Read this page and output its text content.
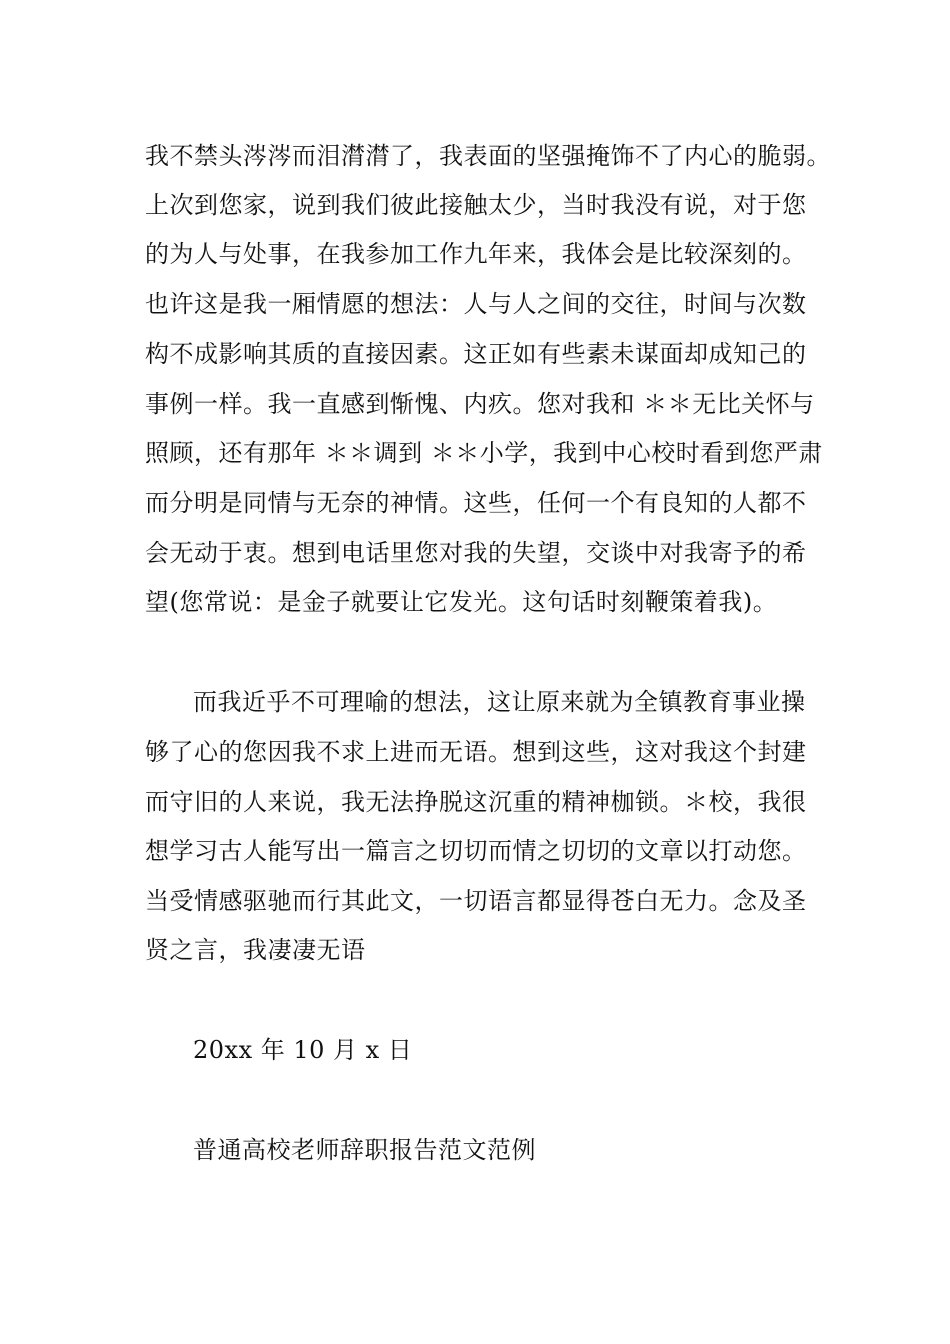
我不禁头涔涔而泪潸潸了，我表面的坚强掩饰不了内心的脆弱。
上次到您家，说到我们彼此接触太少，当时我没有说，对于您
的为人与处事，在我参加工作九年来，我体会是比较深刻的。
也许这是我一厢情愿的想法：人与人之间的交往，时间与次数
构不成影响其质的直接因素。这正如有些素未谋面却成知己的
事例一样。我一直感到惭愧、内疚。您对我和 ＊＊无比关怀与
照顾，还有那年 ＊＊调到 ＊＊小学，我到中心校时看到您严肃
而分明是同情与无奈的神情。这些，任何一个有良知的人都不
会无动于衷。想到电话里您对我的失望，交谈中对我寄予的希
望(您常说：是金子就要让它发光。这句话时刻鞭策着我)。
而我近乎不可理喻的想法，这让原来就为全镇教育事业操
够了心的您因我不求上进而无语。想到这些，这对我这个封建
而守旧的人来说，我无法挣脱这沉重的精神枷锁。＊校，我很
想学习古人能写出一篇言之切切而情之切切的文章以打动您。
当受情感驱驰而行其此文，一切语言都显得苍白无力。念及圣
贤之言，我凄凄无语
20xx 年 10 月 x 日
普通高校老师辞职报告范文范例
